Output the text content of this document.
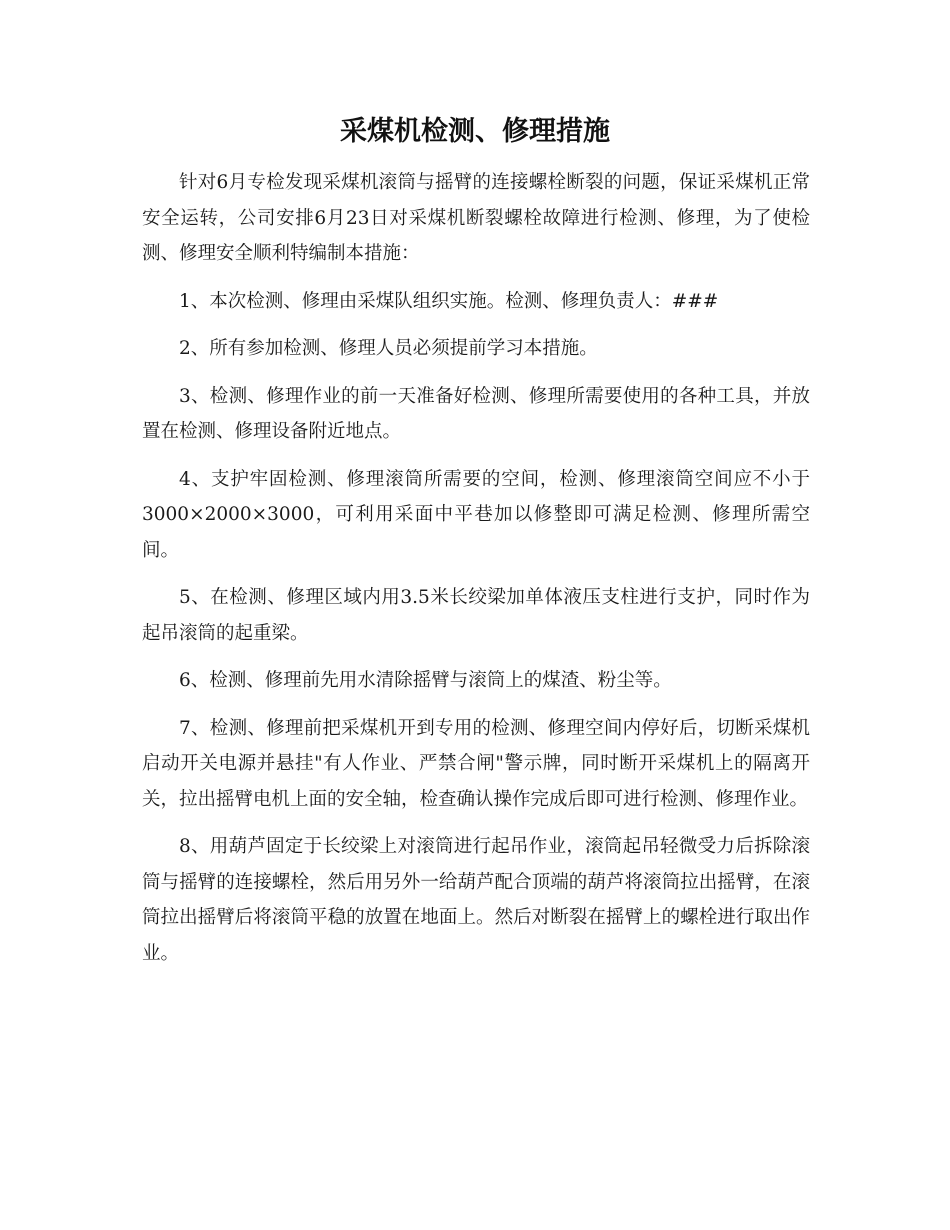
采煤机检测、修理措施

针对6月专检发现采煤机滚筒与摇臂的连接螺栓断裂的问题，保证采煤机正常安全运转，公司安排6月23日对采煤机断裂螺栓故障进行检测、修理，为了使检测、修理安全顺利特编制本措施：

1、本次检测、修理由采煤队组织实施。检测、修理负责人：###

2、所有参加检测、修理人员必须提前学习本措施。

3、检测、修理作业的前一天准备好检测、修理所需要使用的各种工具，并放置在检测、修理设备附近地点。

4、支护牢固检测、修理滚筒所需要的空间，检测、修理滚筒空间应不小于3000×2000×3000，可利用采面中平巷加以修整即可满足检测、修理所需空间。

5、在检测、修理区域内用3.5米长绞梁加单体液压支柱进行支护，同时作为起吊滚筒的起重梁。

6、检测、修理前先用水清除摇臂与滚筒上的煤渣、粉尘等。

7、检测、修理前把采煤机开到专用的检测、修理空间内停好后，切断采煤机启动开关电源并悬挂"有人作业、严禁合闸"警示牌，同时断开采煤机上的隔离开关，拉出摇臂电机上面的安全轴，检查确认操作完成后即可进行检测、修理作业。

8、用葫芦固定于长绞梁上对滚筒进行起吊作业，滚筒起吊轻微受力后拆除滚筒与摇臂的连接螺栓，然后用另外一给葫芦配合顶端的葫芦将滚筒拉出摇臂，在滚筒拉出摇臂后将滚筒平稳的放置在地面上。然后对断裂在摇臂上的螺栓进行取出作业。
